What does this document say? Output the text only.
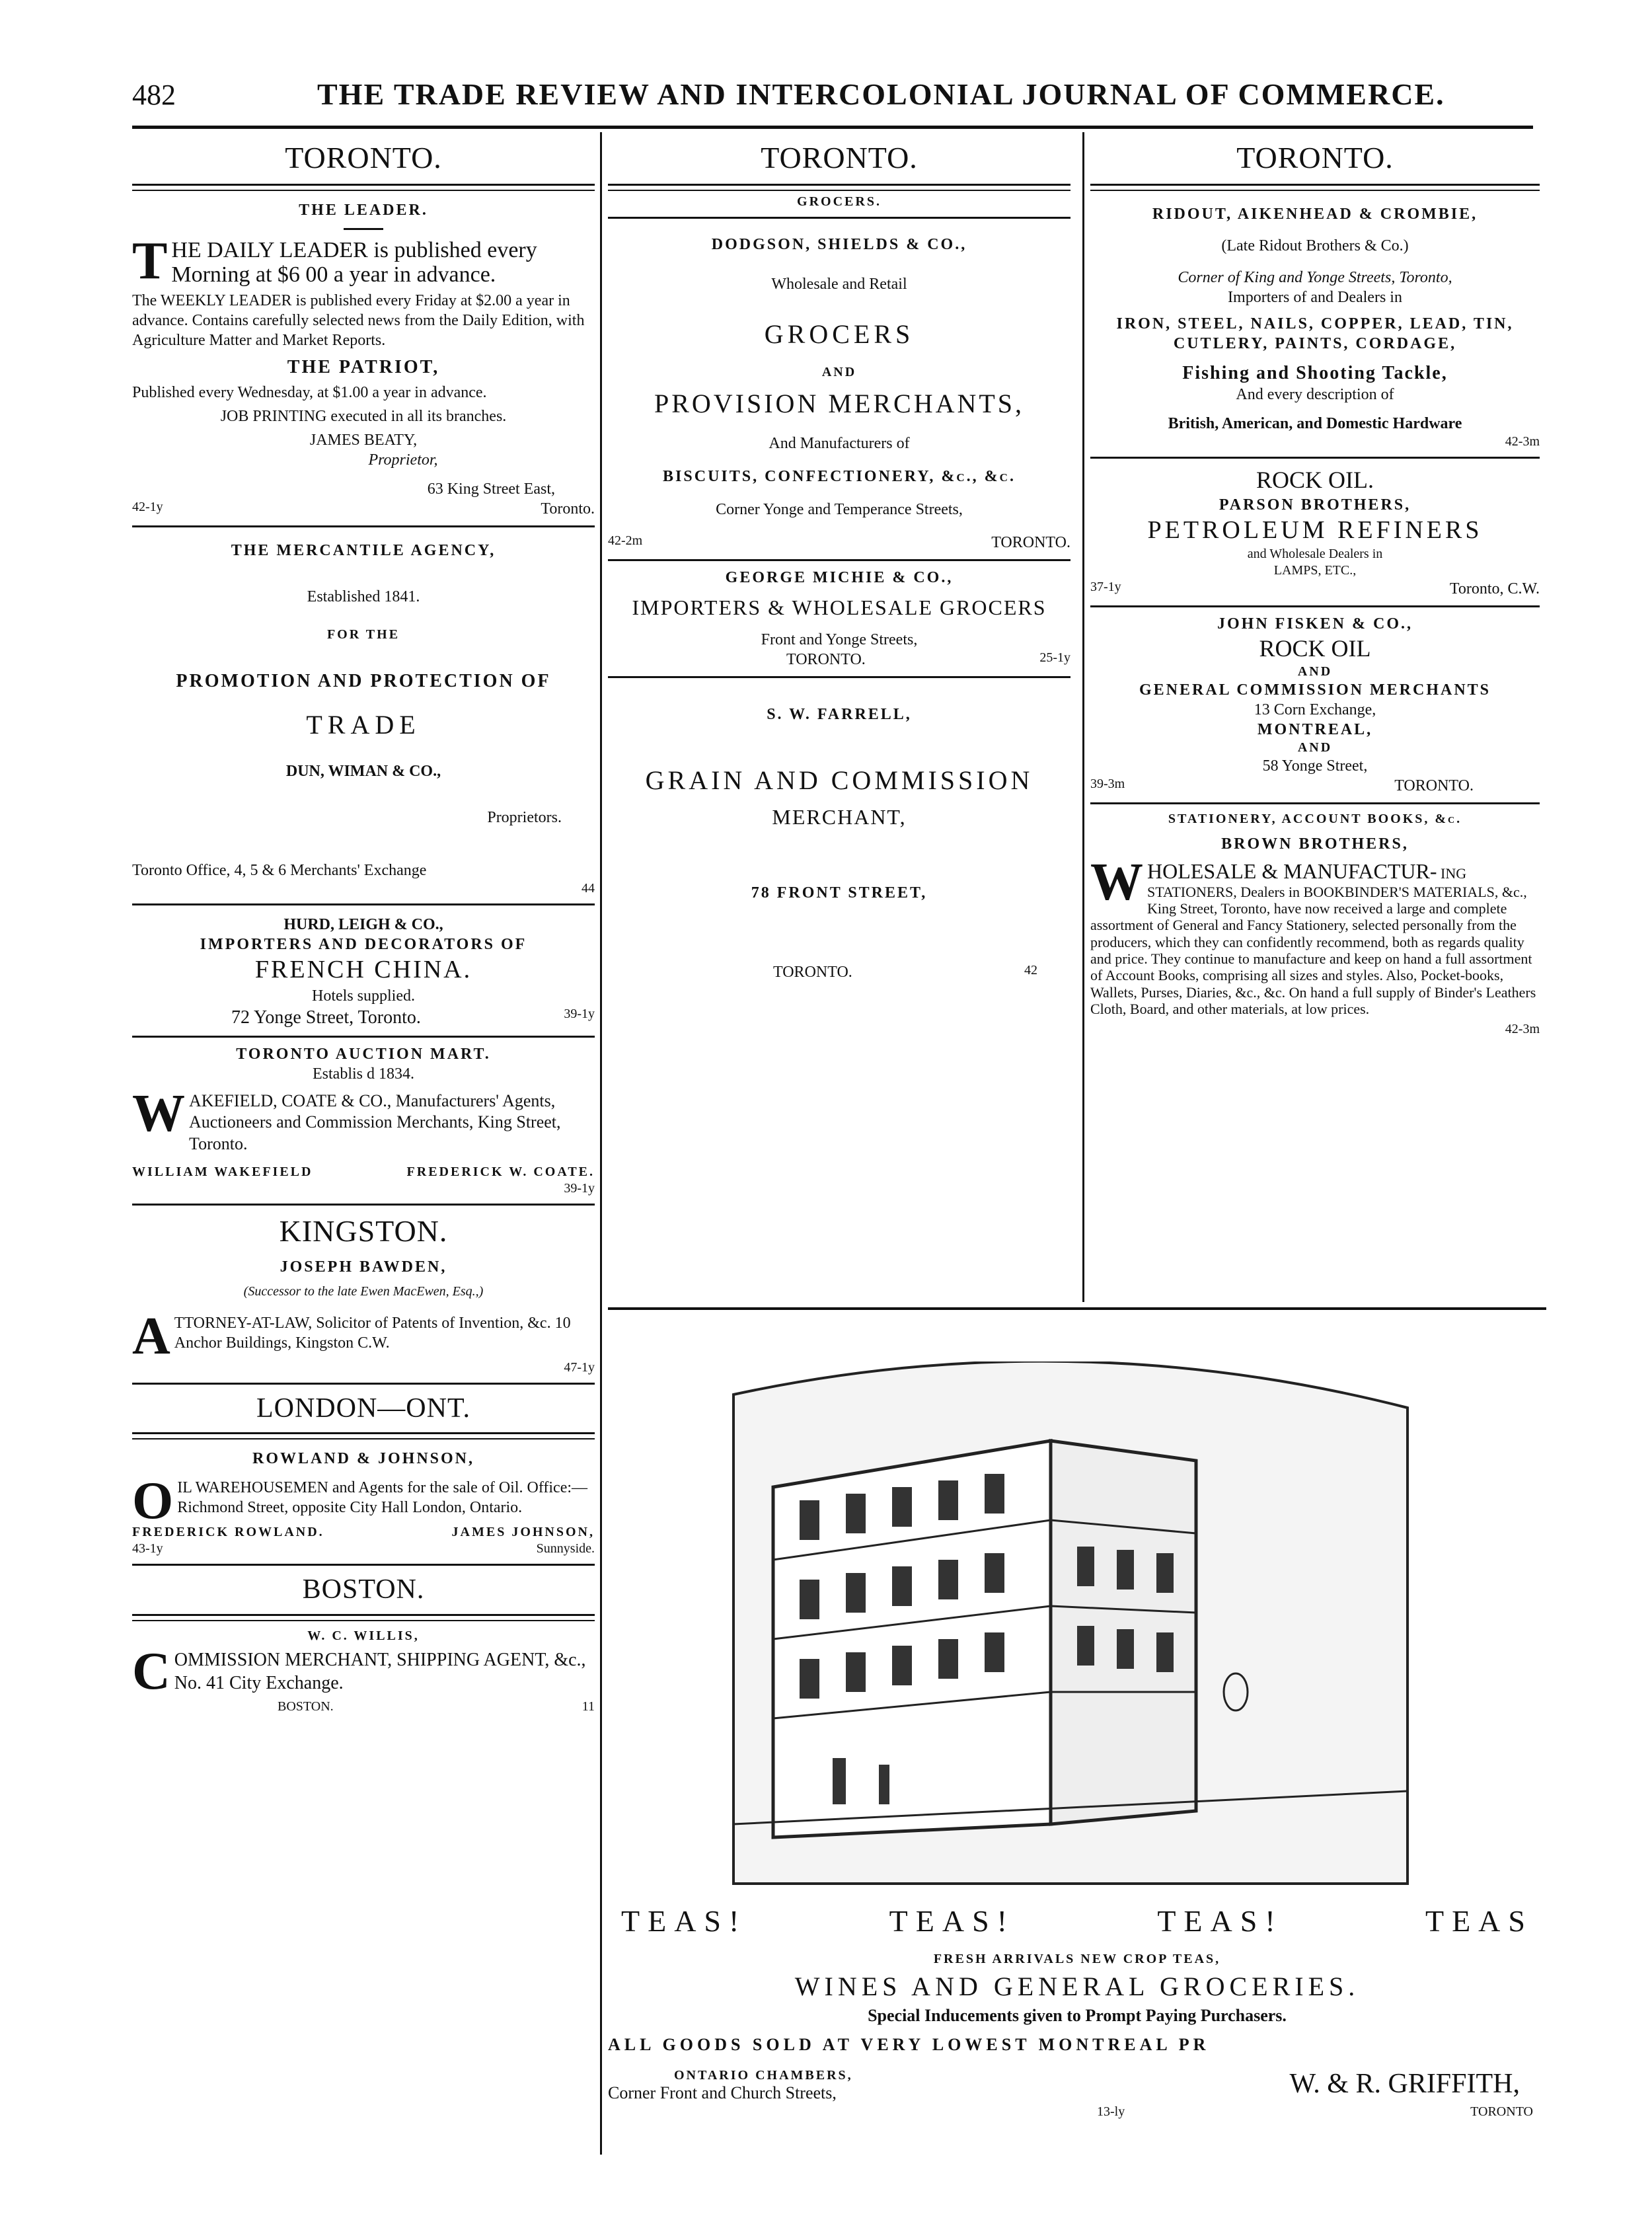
482	THE TRADE REVIEW AND INTERCOLONIAL JOURNAL OF COMMERCE.
TORONTO.
THE LEADER.

THE DAILY LEADER is published every Morning at $6 00 a year in advance.

The WEEKLY LEADER is published every Friday at $2.00 a year in advance. Contains carefully selected news from the Daily Edition, with Agriculture Matter and Market Reports.

THE PATRIOT,

Published every Wednesday, at $1.00 a year in advance.

JOB PRINTING executed in all its branches.

JAMES BEATY,
Proprietor,
63 King Street East,
42-1y	Toronto.
THE MERCANTILE AGENCY,
Established 1841.
FOR THE
PROMOTION AND PROTECTION OF
TRADE
DUN, WIMAN & CO.,
Proprietors.
Toronto Office, 4, 5 & 6 Merchants' Exchange
44
HURD, LEIGH & CO.,
IMPORTERS AND DECORATORS OF
FRENCH CHINA.
Hotels supplied.
72 Yonge Street, Toronto.	39-1y
TORONTO AUCTION MART.
Establis d 1834.

WAKEFIELD, COATE & CO., Manufacturers' Agents, Auctioneers and Commission Merchants, King Street, Toronto.

WILLIAM WAKEFIELD	FREDERICK W. COATE.
39-1y
KINGSTON.
JOSEPH BAWDEN,
(Successor to the late Ewen MacEwen, Esq.,)

ATTORNEY-AT-LAW, Solicitor of Patents of Invention, &c. 10 Anchor Buildings, Kingston C.W.

47-1y
LONDON—ONT.
ROWLAND & JOHNSON,

OIL WAREHOUSEMEN and Agents for the sale of Oil. Office:—Richmond Street, opposite City Hall London, Ontario.

FREDERICK ROWLAND.	JAMES JOHNSON,
43-1y	Sunnyside.
BOSTON.
W. C. WILLIS,

COMMISSION MERCHANT, SHIPPING AGENT, &c., No. 41 City Exchange.

BOSTON.	11
TORONTO.
GROCERS.
DODGSON, SHIELDS & CO.,
Wholesale and Retail
GROCERS
AND
PROVISION MERCHANTS,
And Manufacturers of
BISCUITS, CONFECTIONERY, &c., &c.
Corner Yonge and Temperance Streets,
42-2m	TORONTO.
GEORGE MICHIE & CO.,
IMPORTERS & WHOLESALE GROCERS
Front and Yonge Streets,
TORONTO.	25-1y
S. W. FARRELL,
GRAIN AND COMMISSION
MERCHANT,
78 FRONT STREET,
TORONTO.	42
TORONTO.
RIDOUT, AIKENHEAD & CROMBIE,
(Late Ridout Brothers & Co.)
Corner of King and Yonge Streets, Toronto,
Importers of and Dealers in
IRON, STEEL, NAILS, COPPER, LEAD, TIN, CUTLERY, PAINTS, CORDAGE,
Fishing and Shooting Tackle,
And every description of
British, American, and Domestic Hardware
42-3m
ROCK OIL.
PARSON BROTHERS,
PETROLEUM REFINERS
and Wholesale Dealers in
LAMPS, ETC.,
37-1y	Toronto, C.W.
JOHN FISKEN & CO.,
ROCK OIL
AND
GENERAL COMMISSION MERCHANTS
13 Corn Exchange,
MONTREAL,
AND
58 Yonge Street,
39-3m	TORONTO.
STATIONERY, ACCOUNT BOOKS, &c.
BROWN BROTHERS,

WHOLESALE & MANUFACTUR- ING STATIONERS, Dealers in BOOKBINDER'S MATERIALS, &c., King Street, Toronto, have now received a large and complete assortment of General and Fancy Stationery, selected personally from the producers, which they can confidently recommend, both as regards quality and price. They continue to manufacture and keep on hand a full assortment of Account Books, comprising all sizes and styles. Also, Pocket-books, Wallets, Purses, Diaries, &c., &c. On hand a full supply of Binder's Leathers Cloth, Board, and other materials, at low prices.

42-3m
TEAS!	TEAS!	TEAS!	TEAS
FRESH ARRIVALS NEW CROP TEAS,
WINES AND GENERAL GROCERIES.
Special Inducements given to Prompt Paying Purchasers.
ALL GOODS SOLD AT VERY LOWEST MONTREAL PR
ONTARIO CHAMBERS,
Corner Front and Church Streets,	W. & R. GRIFFITH,
13-ly	TORONTO
